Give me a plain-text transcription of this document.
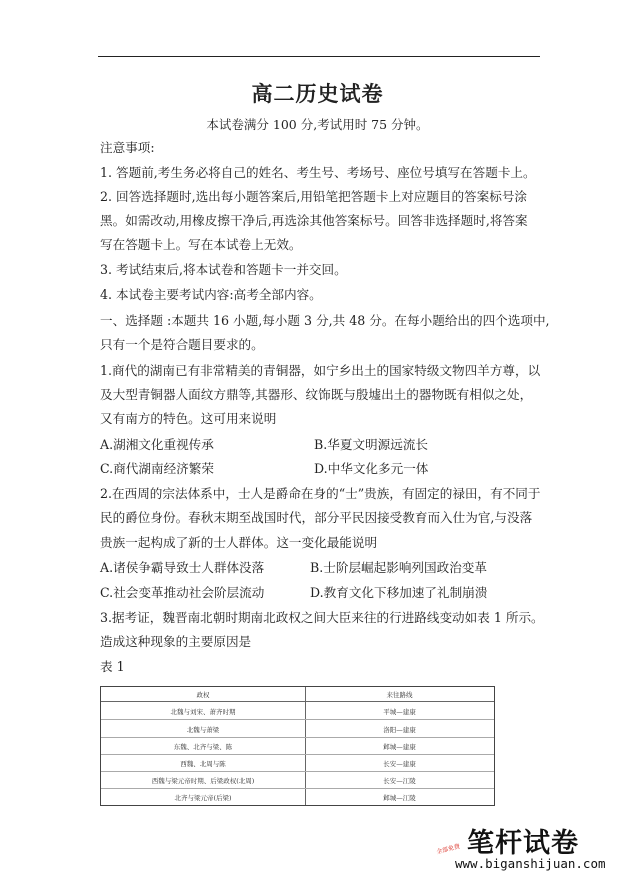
高二历史试卷
本试卷满分 100 分,考试用时 75 分钟。
注意事项:
1. 答题前,考生务必将自己的姓名、考生号、考场号、座位号填写在答题卡上。
2. 回答选择题时,选出每小题答案后,用铅笔把答题卡上对应题目的答案标号涂
黑。如需改动,用橡皮擦干净后,再选涂其他答案标号。回答非选择题时,将答案
写在答题卡上。写在本试卷上无效。
3. 考试结束后,将本试卷和答题卡一并交回。
4. 本试卷主要考试内容:高考全部内容。
一、选择题 :本题共 16 小题,每小题 3 分,共 48 分。在每小题给出的四个选项中,
只有一个是符合题目要求的。
1.商代的湖南已有非常精美的青铜器，如宁乡出土的国家特级文物四羊方尊，以
及大型青铜器人面纹方鼎等,其器形、纹饰既与殷墟出土的器物既有相似之处，
又有南方的特色。这可用来说明
A.湖湘文化重视传承	B.华夏文明源远流长
C.商代湖南经济繁荣	D.中华文化多元一体
2.在西周的宗法体系中，士人是爵命在身的“士”贵族，有固定的禄田，有不同于
民的爵位身份。春秋末期至战国时代，部分平民因接受教育而入仕为官,与没落
贵族一起构成了新的士人群体。这一变化最能说明
A.诸侯争霸导致士人群体没落	B.士阶层崛起影响列国政治变革
C.社会变革推动社会阶层流动	D.教育文化下移加速了礼制崩溃
3.据考证，魏晋南北朝时期南北政权之间大臣来往的行进路线变动如表 1 所示。
造成这种现象的主要原因是
表 1
政权	来往路线
北魏与刘宋、萧齐时期	平城—建康
北魏与萧梁	洛阳—建康
东魏、北齐与梁、陈	邺城—建康
西魏、北周与陈	长安—建康
西魏与梁元帝时期、后梁政权(北周)	长安—江陵
北齐与梁元帝(后梁)	邺城—江陵
全部免费 笔杆试卷
www.biganshijuan.com
